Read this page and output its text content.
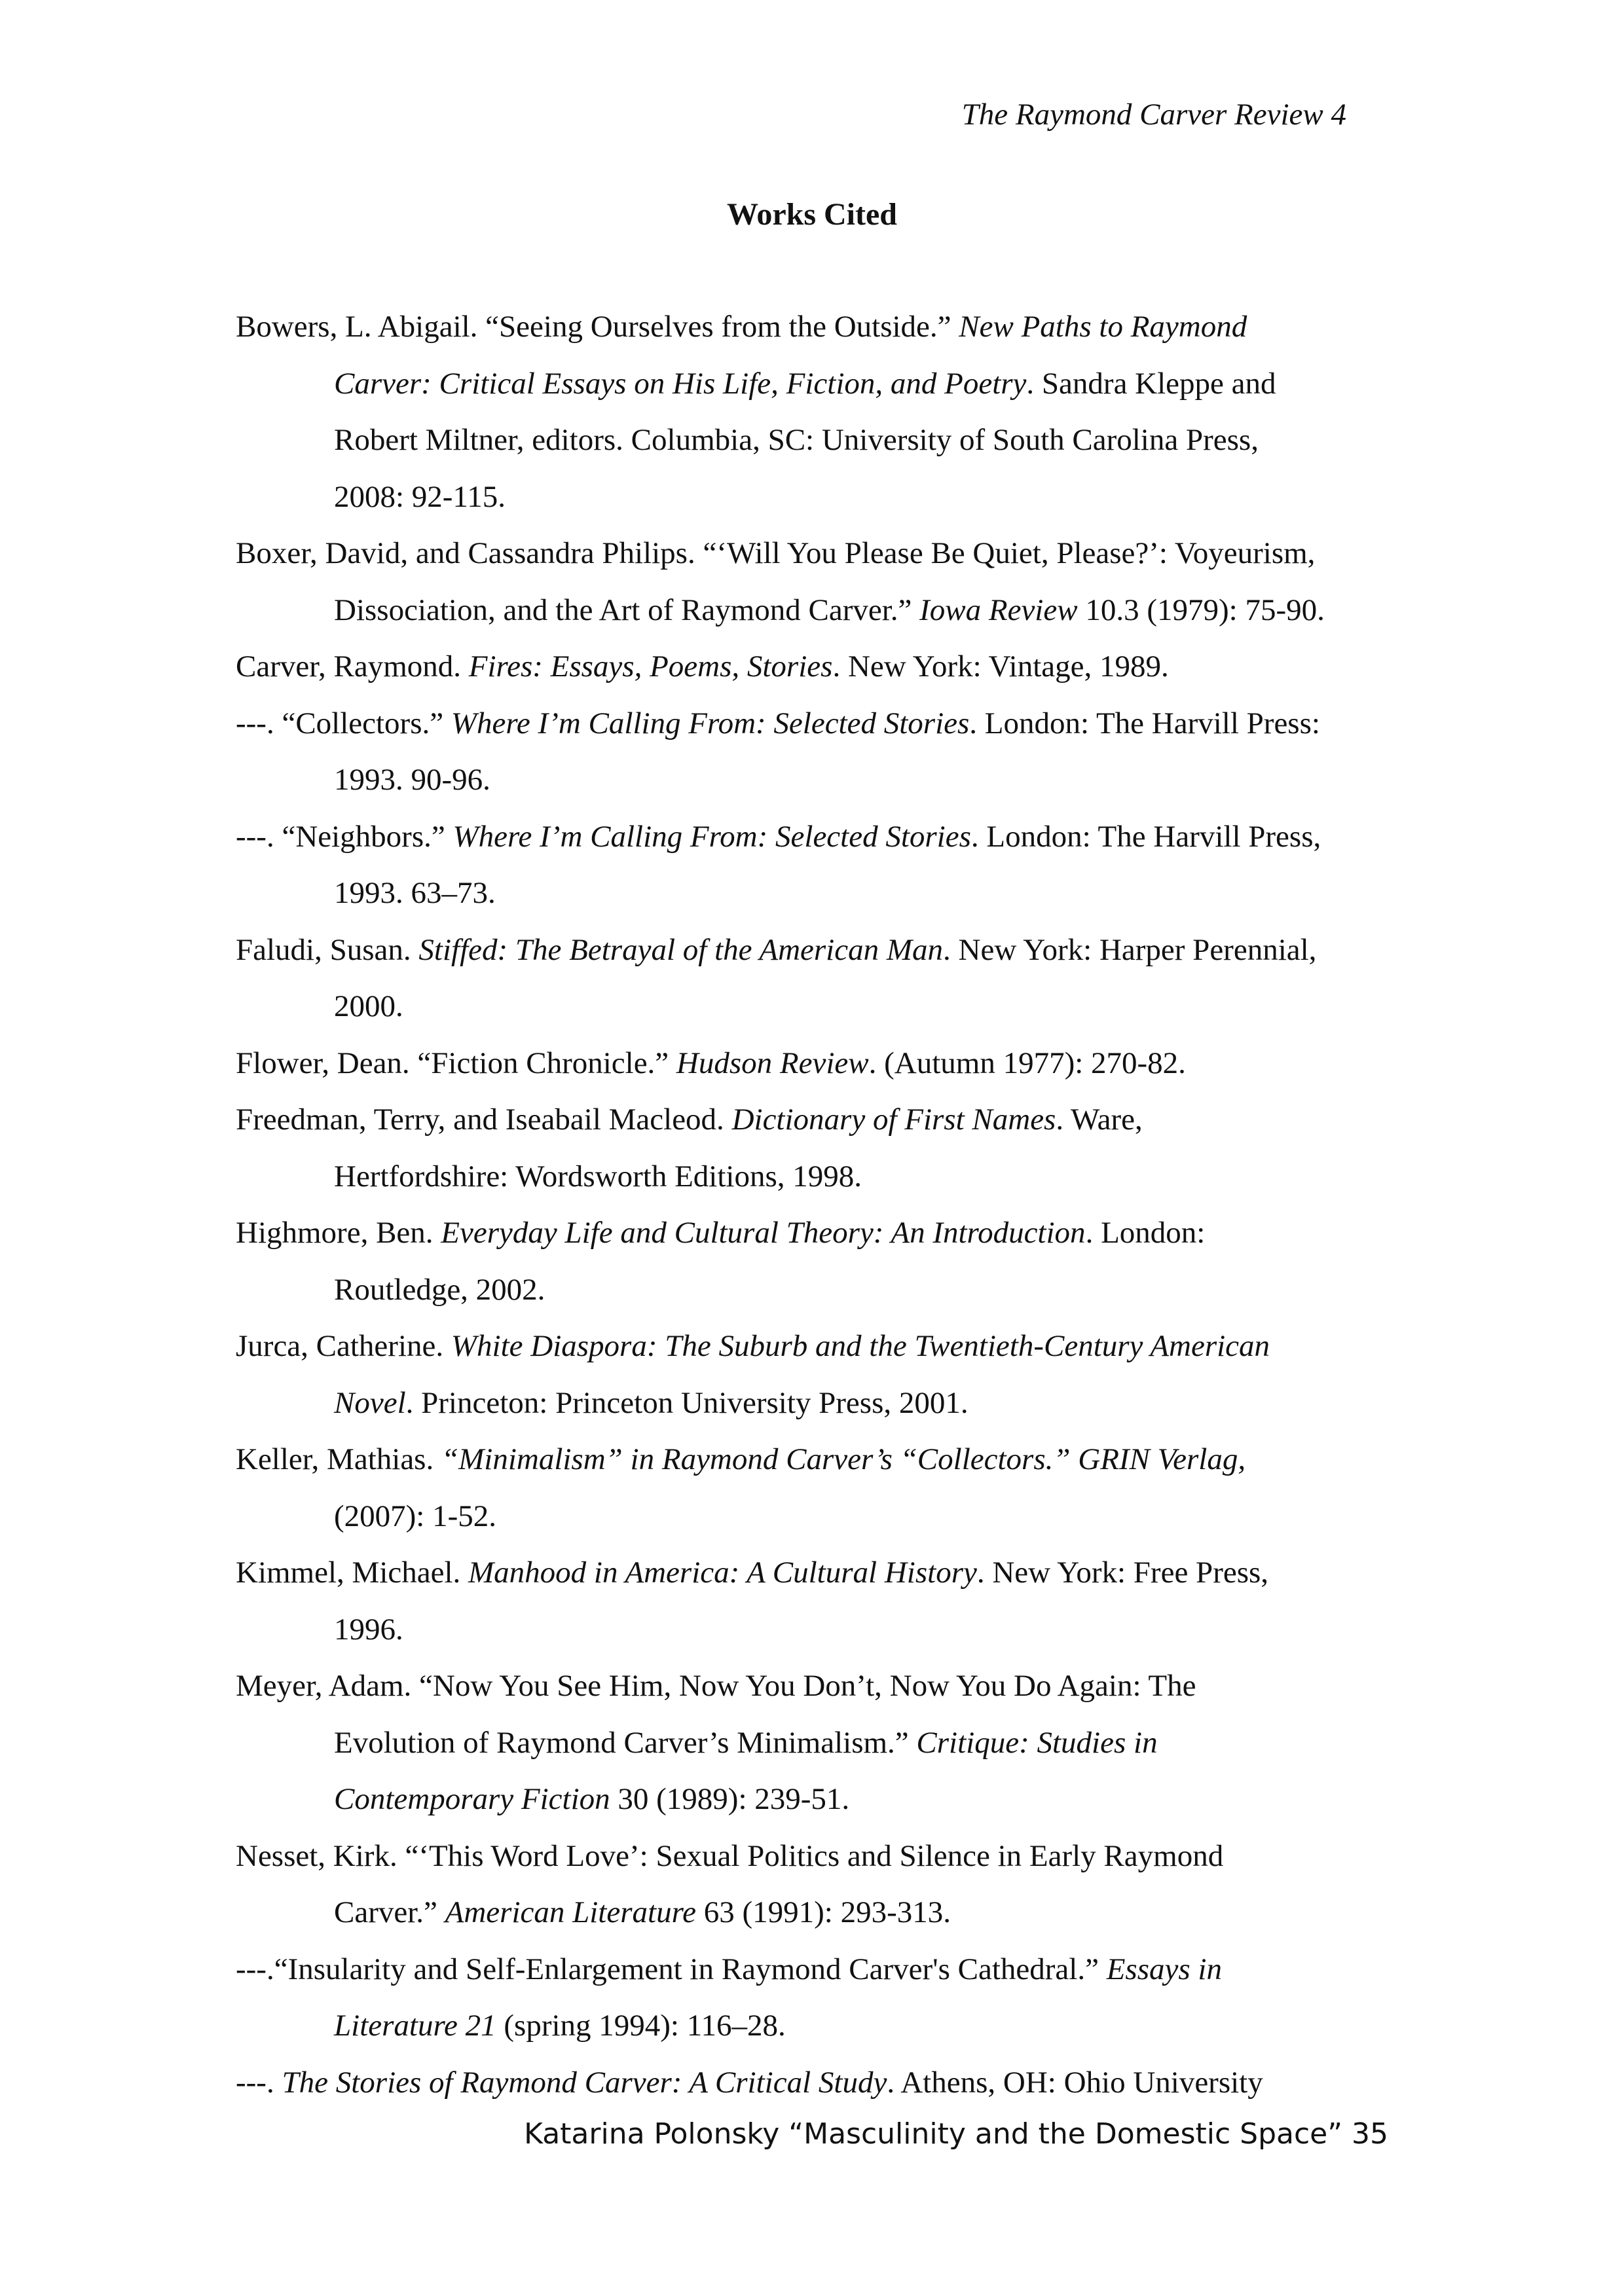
The Raymond Carver Review 4
Works Cited
Bowers, L. Abigail. “Seeing Ourselves from the Outside.” New Paths to Raymond
Carver: Critical Essays on His Life, Fiction, and Poetry. Sandra Kleppe and
Robert Miltner, editors. Columbia, SC: University of South Carolina Press,
2008: 92-115.
Boxer, David, and Cassandra Philips. “‘Will You Please Be Quiet, Please?’: Voyeurism,
Dissociation, and the Art of Raymond Carver.” Iowa Review 10.3 (1979): 75-90.
Carver, Raymond. Fires: Essays, Poems, Stories. New York: Vintage, 1989.
---. “Collectors.” Where I’m Calling From: Selected Stories. London: The Harvill Press:
1993. 90-96.
---. “Neighbors.” Where I’m Calling From: Selected Stories. London: The Harvill Press,
1993. 63–73.
Faludi, Susan. Stiffed: The Betrayal of the American Man. New York: Harper Perennial,
2000.
Flower, Dean. “Fiction Chronicle.” Hudson Review. (Autumn 1977): 270-82.
Freedman, Terry, and Iseabail Macleod. Dictionary of First Names. Ware,
Hertfordshire: Wordsworth Editions, 1998.
Highmore, Ben. Everyday Life and Cultural Theory: An Introduction. London:
Routledge, 2002.
Jurca, Catherine. White Diaspora: The Suburb and the Twentieth-Century American
Novel. Princeton: Princeton University Press, 2001.
Keller, Mathias. “Minimalism” in Raymond Carver’s “Collectors.” GRIN Verlag,
(2007): 1-52.
Kimmel, Michael. Manhood in America: A Cultural History. New York: Free Press,
1996.
Meyer, Adam. “Now You See Him, Now You Don’t, Now You Do Again: The
Evolution of Raymond Carver’s Minimalism.” Critique: Studies in
Contemporary Fiction 30 (1989): 239-51.
Nesset, Kirk. “‘This Word Love’: Sexual Politics and Silence in Early Raymond
Carver.” American Literature 63 (1991): 293-313.
---.“Insularity and Self-Enlargement in Raymond Carver's Cathedral.” Essays in
Literature 21 (spring 1994): 116–28.
---. The Stories of Raymond Carver: A Critical Study. Athens, OH: Ohio University
Katarina Polonsky “Masculinity and the Domestic Space” 35
